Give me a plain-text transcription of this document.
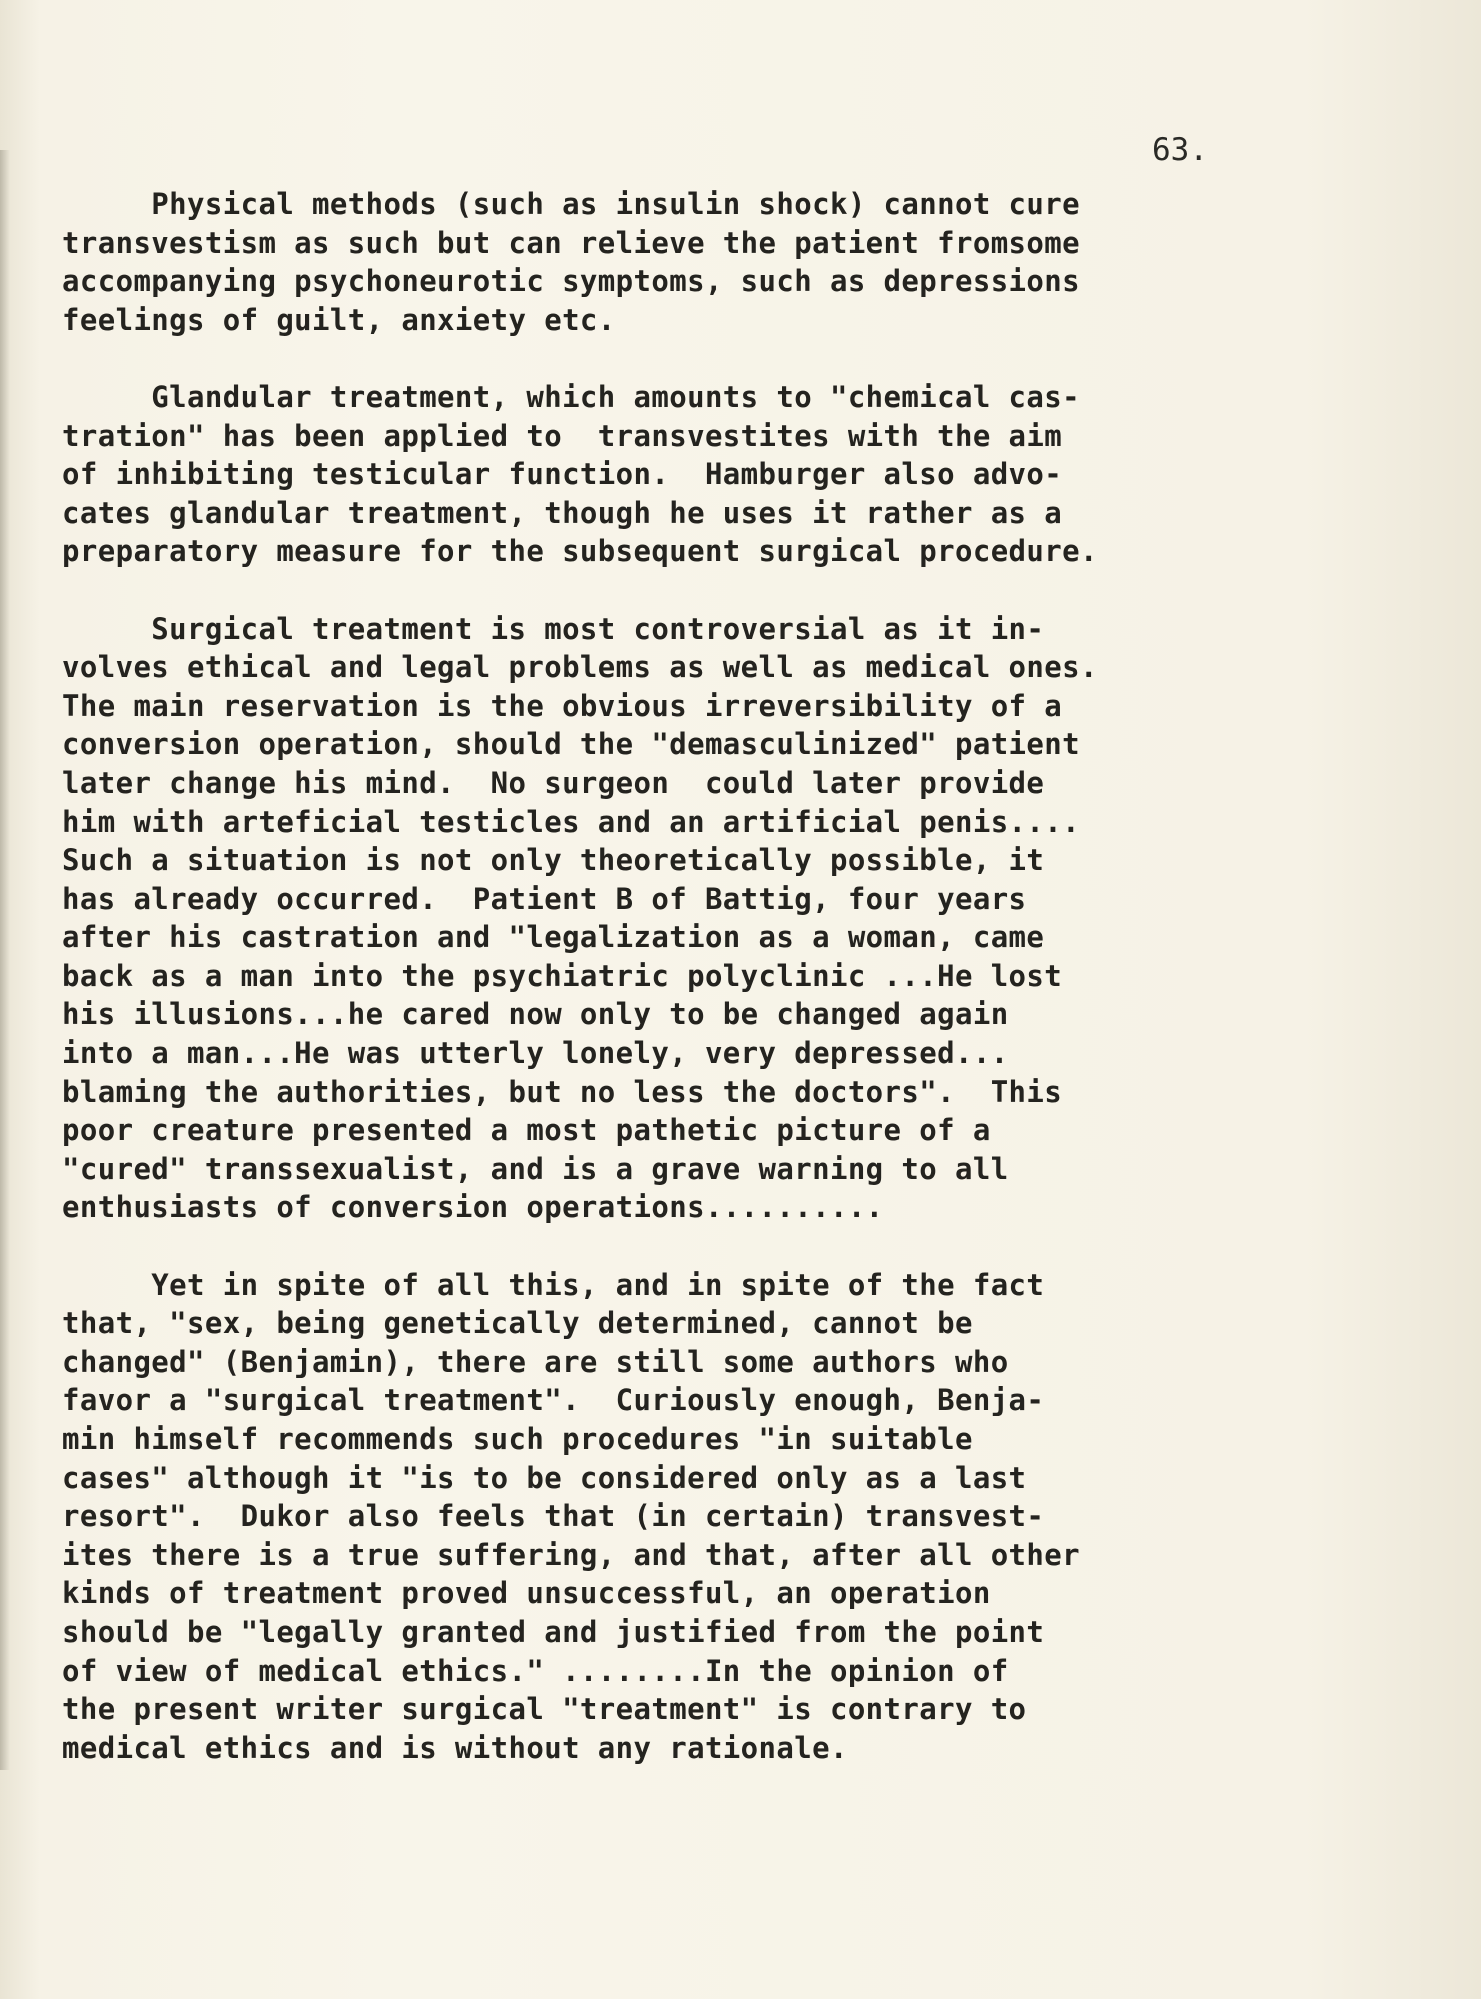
63.

Physical methods (such as insulin shock) cannot cure
transvestism as such but can relieve the patient fromsome
accompanying psychoneurotic symptoms, such as depressions
feelings of guilt, anxiety etc.

Glandular treatment, which amounts to "chemical cas-
tration" has been applied to  transvestites with the aim
of inhibiting testicular function.  Hamburger also advo-
cates glandular treatment, though he uses it rather as a
preparatory measure for the subsequent surgical procedure.

Surgical treatment is most controversial as it in-
volves ethical and legal problems as well as medical ones.
The main reservation is the obvious irreversibility of a
conversion operation, should the "demasculinized" patient
later change his mind.  No surgeon  could later provide
him with arteficial testicles and an artificial penis....
Such a situation is not only theoretically possible, it
has already occurred.  Patient B of Battig, four years
after his castration and "legalization as a woman, came
back as a man into the psychiatric polyclinic ...He lost
his illusions...he cared now only to be changed again
into a man...He was utterly lonely, very depressed...
blaming the authorities, but no less the doctors".  This
poor creature presented a most pathetic picture of a
"cured" transsexualist, and is a grave warning to all
enthusiasts of conversion operations..........

Yet in spite of all this, and in spite of the fact
that, "sex, being genetically determined, cannot be
changed" (Benjamin), there are still some authors who
favor a "surgical treatment".  Curiously enough, Benja-
min himself recommends such procedures "in suitable
cases" although it "is to be considered only as a last
resort".  Dukor also feels that (in certain) transvest-
ites there is a true suffering, and that, after all other
kinds of treatment proved unsuccessful, an operation
should be "legally granted and justified from the point
of view of medical ethics." ........In the opinion of
the present writer surgical "treatment" is contrary to
medical ethics and is without any rationale.
